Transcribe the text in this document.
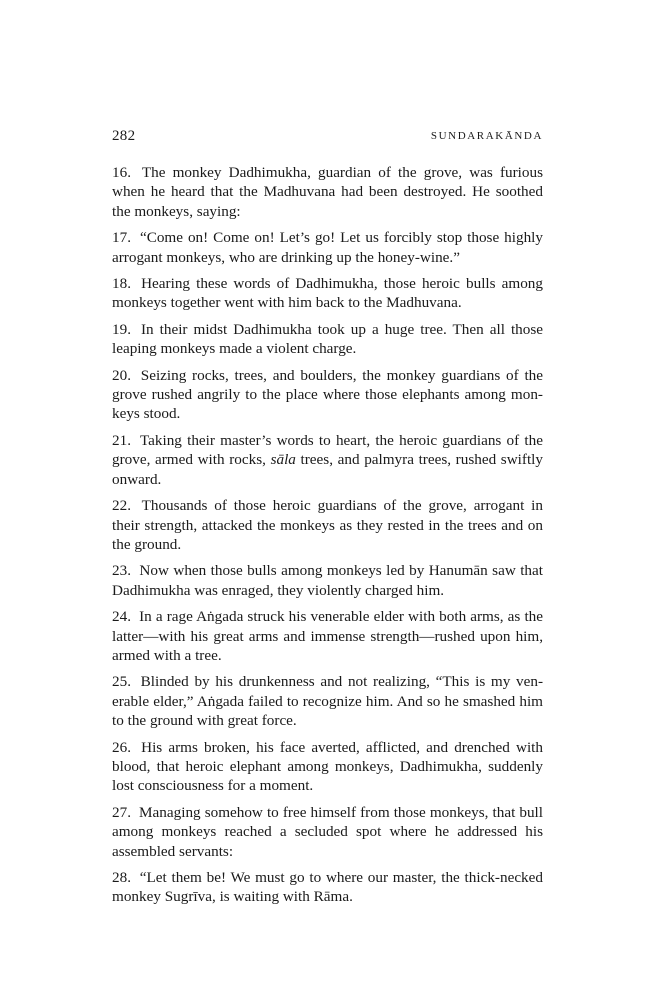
282	SUNDARAKĀNDA

16. The monkey Dadhimukha, guardian of the grove, was furious when he heard that the Madhuvana had been destroyed. He soothed the monkeys, saying:

17. “Come on! Come on! Let’s go! Let us forcibly stop those highly arrogant monkeys, who are drinking up the honey-wine.”

18. Hearing these words of Dadhimukha, those heroic bulls among monkeys together went with him back to the Madhuvana.

19. In their midst Dadhimukha took up a huge tree. Then all those leaping monkeys made a violent charge.

20. Seizing rocks, trees, and boulders, the monkey guardians of the grove rushed angrily to the place where those elephants among mon-keys stood.

21. Taking their master’s words to heart, the heroic guardians of the grove, armed with rocks, sāla trees, and palmyra trees, rushed swiftly onward.

22. Thousands of those heroic guardians of the grove, arrogant in their strength, attacked the monkeys as they rested in the trees and on the ground.

23. Now when those bulls among monkeys led by Hanumān saw that Dadhimukha was enraged, they violently charged him.

24. In a rage Aṅgada struck his venerable elder with both arms, as the latter—with his great arms and immense strength—rushed upon him, armed with a tree.

25. Blinded by his drunkenness and not realizing, “This is my ven-erable elder,” Aṅgada failed to recognize him. And so he smashed him to the ground with great force.

26. His arms broken, his face averted, afflicted, and drenched with blood, that heroic elephant among monkeys, Dadhimukha, suddenly lost consciousness for a moment.

27. Managing somehow to free himself from those monkeys, that bull among monkeys reached a secluded spot where he addressed his assembled servants:

28. “Let them be! We must go to where our master, the thick-necked monkey Sugrīva, is waiting with Rāma.
